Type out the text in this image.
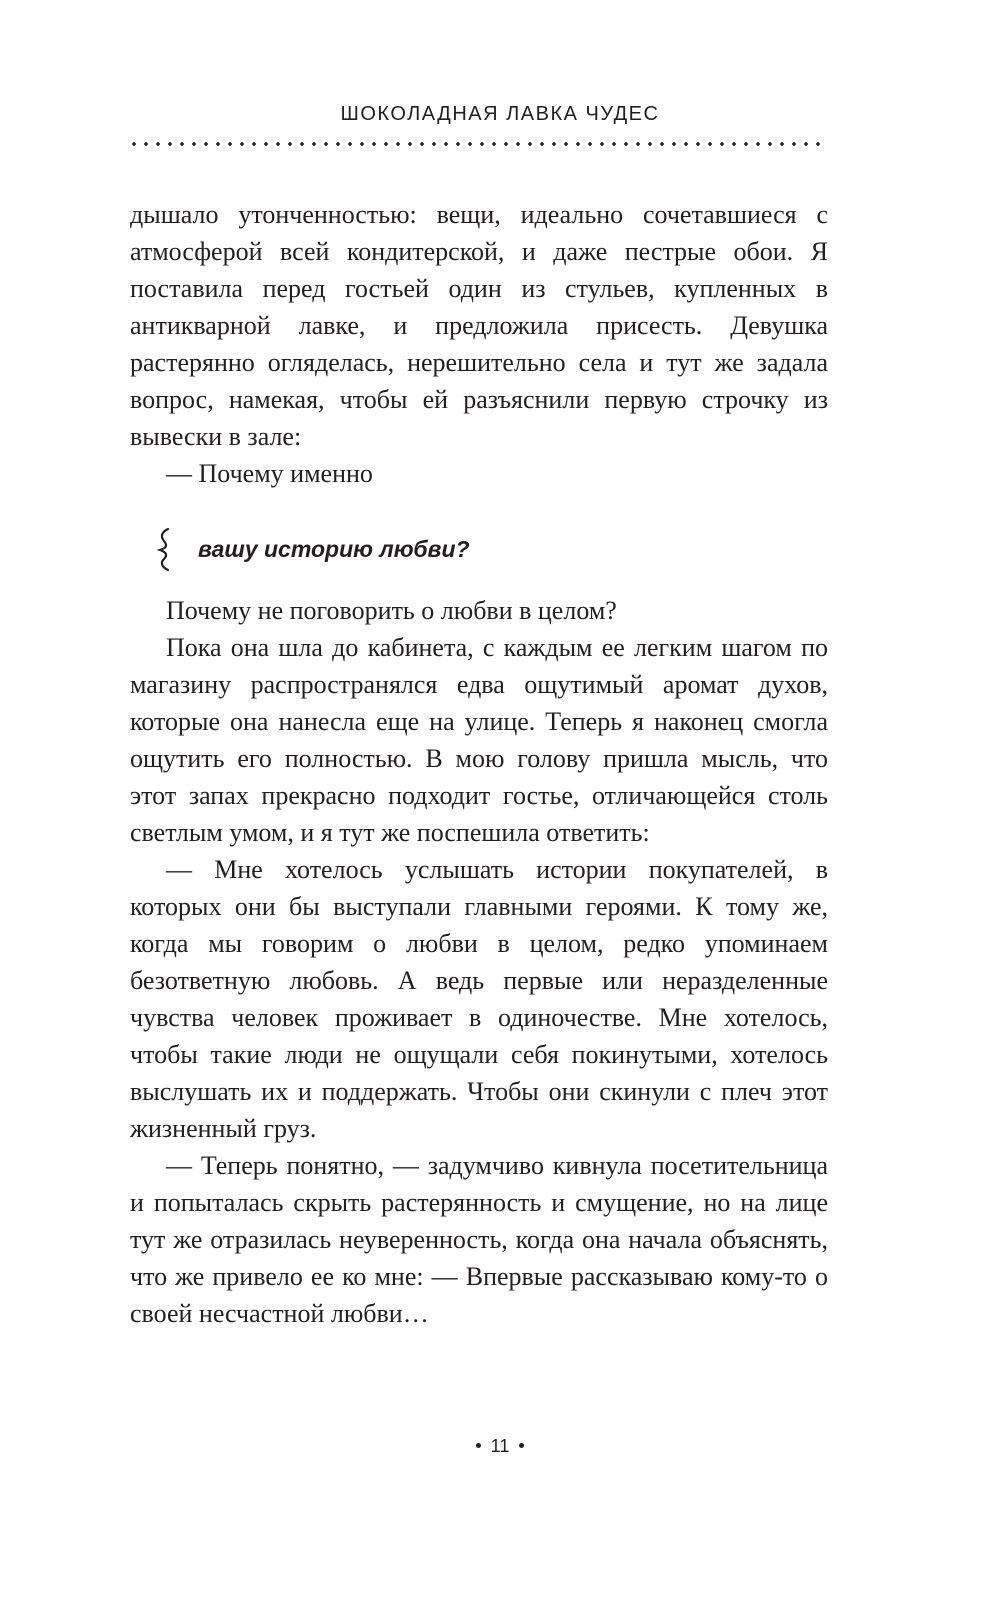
ШОКОЛАДНАЯ ЛАВКА ЧУДЕС

дышало утонченностью: вещи, идеально сочетавшиеся с атмосферой всей кондитерской, и даже пестрые обои. Я поставила перед гостьей один из стульев, купленных в антикварной лавке, и предложила присесть. Девушка растерянно огляделась, нерешительно села и тут же задала вопрос, намекая, чтобы ей разъяснили первую строчку из вывески в зале:

— Почему именно

вашу историю любви?

Почему не поговорить о любви в целом?

Пока она шла до кабинета, с каждым ее легким шагом по магазину распространялся едва ощутимый аромат духов, которые она нанесла еще на улице. Теперь я наконец смогла ощутить его полностью. В мою голову пришла мысль, что этот запах прекрасно подходит гостье, отличающейся столь светлым умом, и я тут же поспешила ответить:

— Мне хотелось услышать истории покупателей, в которых они бы выступали главными героями. К тому же, когда мы говорим о любви в целом, редко упоминаем безответную любовь. А ведь первые или неразделенные чувства человек проживает в одиночестве. Мне хотелось, чтобы такие люди не ощущали себя покинутыми, хотелось выслушать их и поддержать. Чтобы они скинули с плеч этот жизненный груз.

— Теперь понятно, — задумчиво кивнула посетительница и попыталась скрыть растерянность и смущение, но на лице тут же отразилась неуверенность, когда она начала объяснять, что же привело ее ко мне: — Впервые рассказываю кому-то о своей несчастной любви…

11
